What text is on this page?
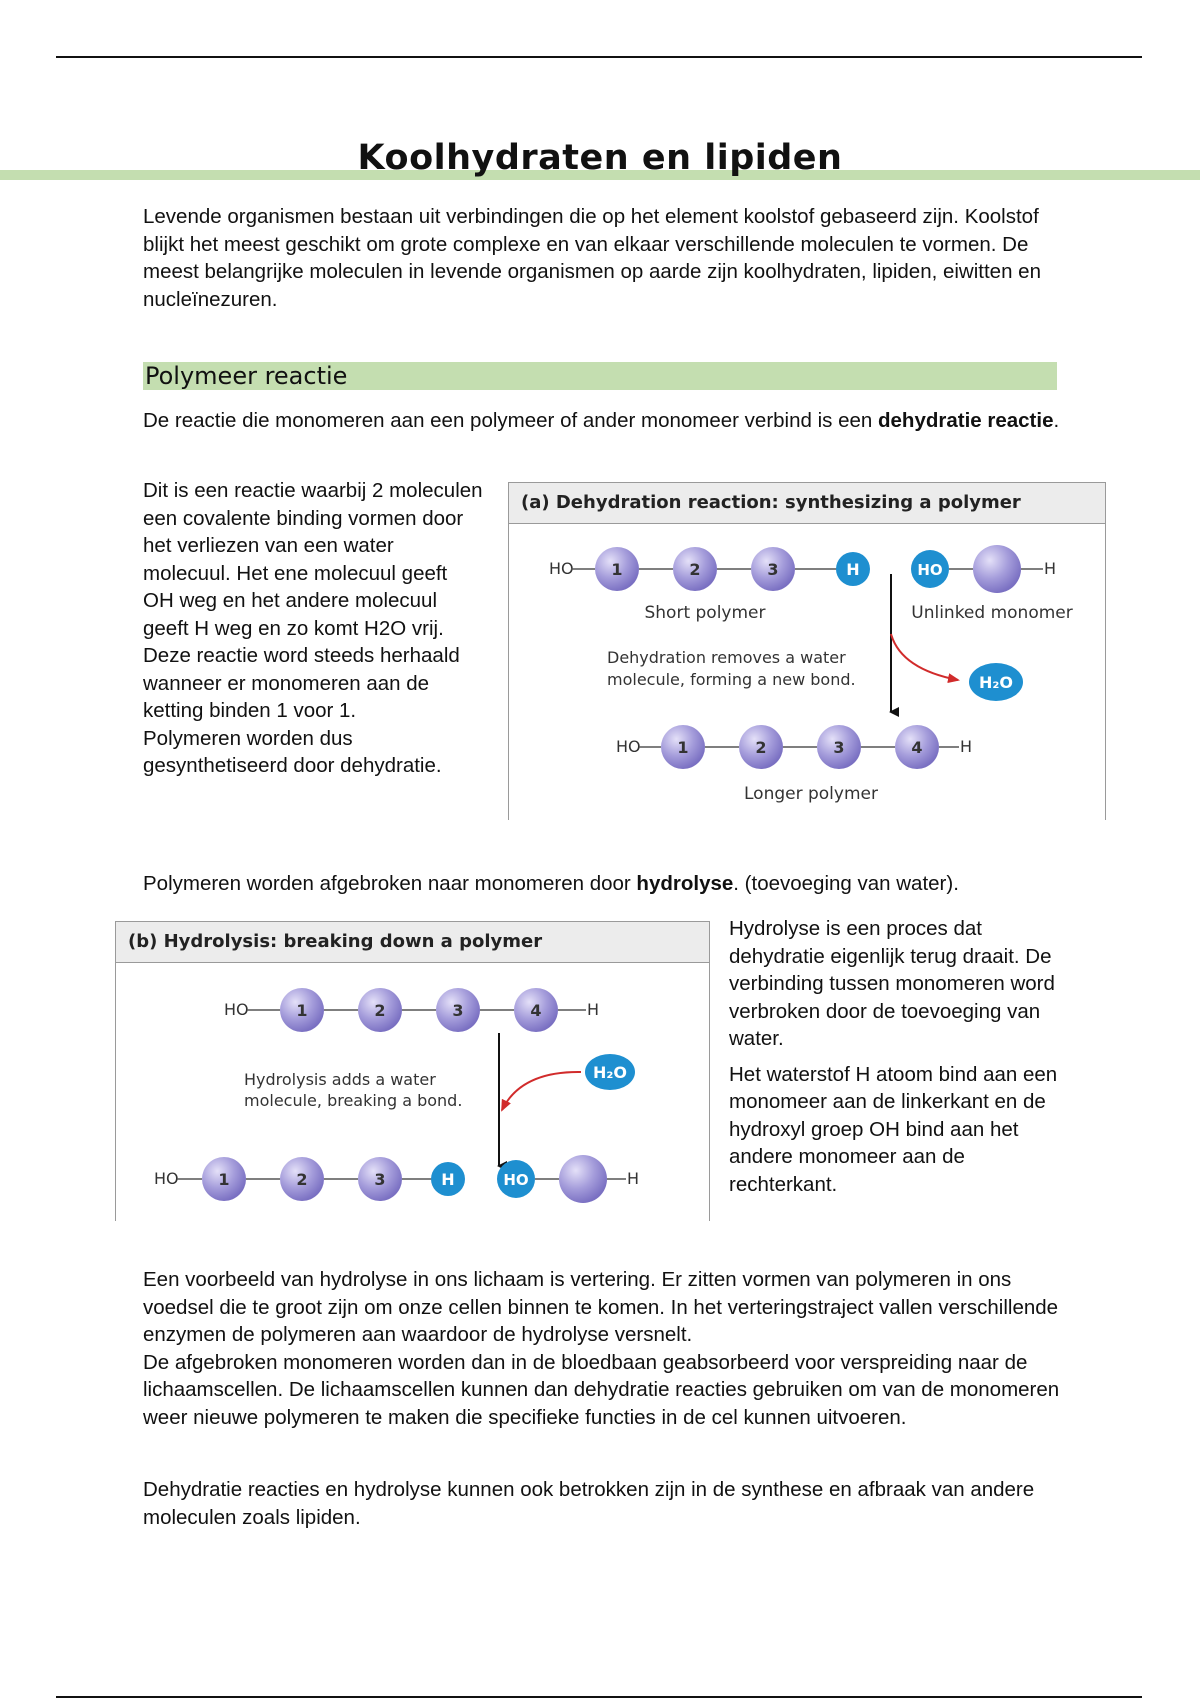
Koolhydraten en lipiden

Levende organismen bestaan uit verbindingen die op het element koolstof gebaseerd zijn. Koolstof blijkt het meest geschikt om grote complexe en van elkaar verschillende moleculen te vormen. De meest belangrijke moleculen in levende organismen op aarde zijn koolhydraten, lipiden, eiwitten en nucleïnezuren.

Polymeer reactie

De reactie die monomeren aan een polymeer of ander monomeer verbind is een dehydratie reactie.

Dit is een reactie waarbij 2 moleculen een covalente binding vormen door het verliezen van een water molecuul. Het ene molecuul geeft OH weg en het andere molecuul geeft H weg en zo komt H2O vrij. Deze reactie word steeds herhaald wanneer er monomeren aan de ketting binden 1 voor 1.

Polymeren worden dus gesynthetiseerd door dehydratie.

(a) Dehydration reaction: synthesizing a polymer
HO 1	2	3	H	HO	H
Short polymer	Unlinked monomer
Dehydration removes a water
molecule, forming a new bond.	H₂O
HO 1	2	3	4 H
Longer polymer

Polymeren worden afgebroken naar monomeren door hydrolyse. (toevoeging van water).

(b) Hydrolysis: breaking down a polymer
HO	1	2	3	4	H
Hydrolysis adds a water
molecule, breaking a bond.
H₂O
HO 1	2	3	H	HO	H

Hydrolyse is een proces dat dehydratie eigenlijk terug draait. De verbinding tussen monomeren word verbroken door de toevoeging van water.

Het waterstof H atoom bind aan een monomeer aan de linkerkant en de hydroxyl groep OH bind aan het andere monomeer aan de rechterkant.

Een voorbeeld van hydrolyse in ons lichaam is vertering. Er zitten vormen van polymeren in ons voedsel die te groot zijn om onze cellen binnen te komen. In het verteringstraject vallen verschillende enzymen de polymeren aan waardoor de hydrolyse versnelt.

De afgebroken monomeren worden dan in de bloedbaan geabsorbeerd voor verspreiding naar de lichaamscellen. De lichaamscellen kunnen dan dehydratie reacties gebruiken om van de monomeren weer nieuwe polymeren te maken die specifieke functies in de cel kunnen uitvoeren.

Dehydratie reacties en hydrolyse kunnen ook betrokken zijn in de synthese en afbraak van andere moleculen zoals lipiden.
